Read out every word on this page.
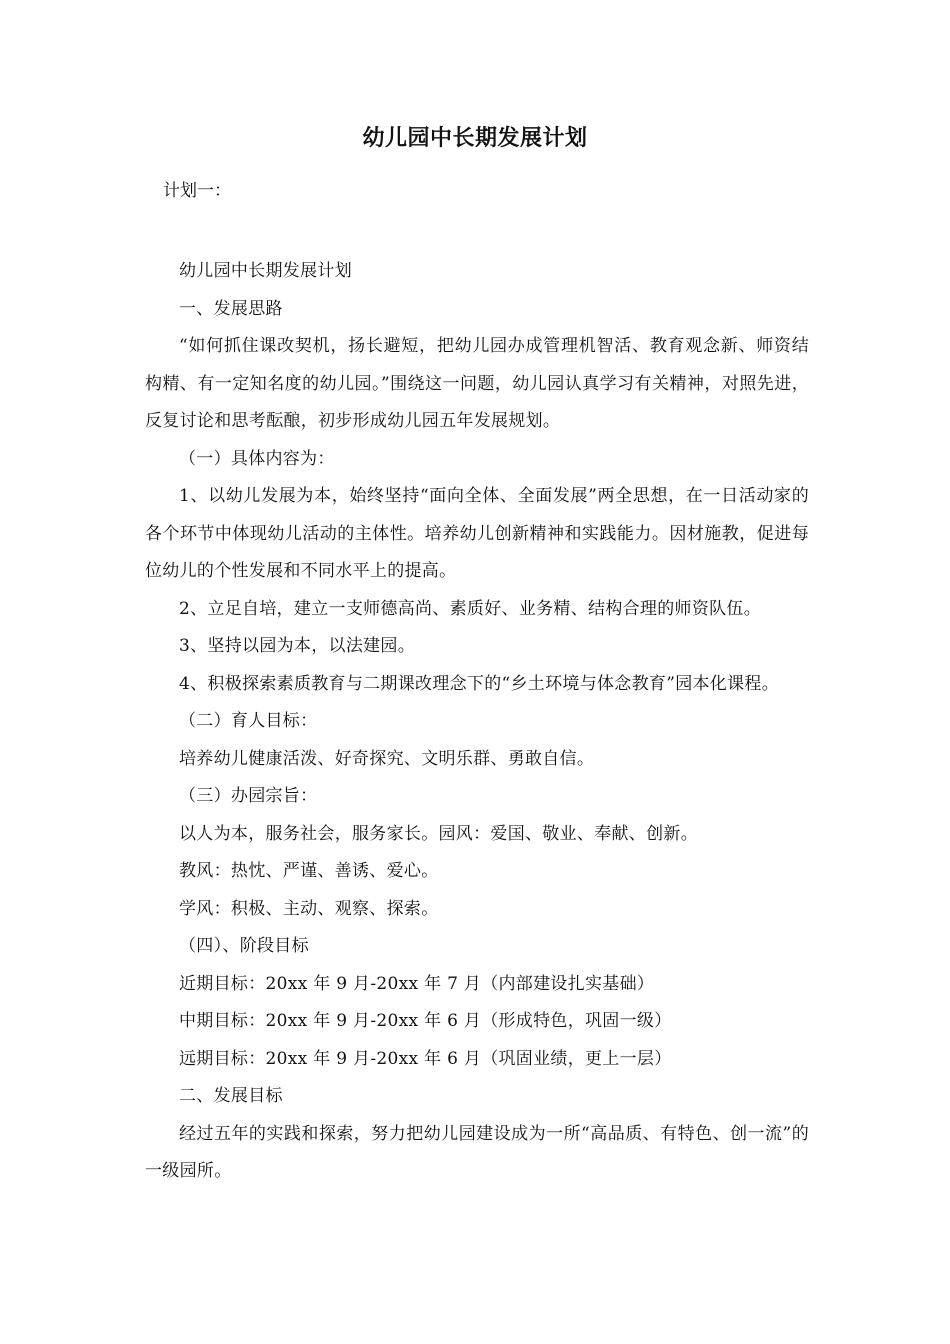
幼儿园中长期发展计划
计划一：

幼儿园中长期发展计划

一、发展思路

“如何抓住课改契机，扬长避短，把幼儿园办成管理机智活、教育观念新、师资结构精、有一定知名度的幼儿园。”围绕这一问题，幼儿园认真学习有关精神，对照先进，反复讨论和思考酝酿，初步形成幼儿园五年发展规划。

（一）具体内容为：

1、以幼儿发展为本，始终坚持“面向全体、全面发展”两全思想，在一日活动家的各个环节中体现幼儿活动的主体性。培养幼儿创新精神和实践能力。因材施教，促进每位幼儿的个性发展和不同水平上的提高。

2、立足自培，建立一支师德高尚、素质好、业务精、结构合理的师资队伍。

3、坚持以园为本，以法建园。

4、积极探索素质教育与二期课改理念下的“乡土环境与体念教育”园本化课程。

（二）育人目标：

培养幼儿健康活泼、好奇探究、文明乐群、勇敢自信。

（三）办园宗旨：

以人为本，服务社会，服务家长。园风：爱国、敬业、奉献、创新。

教风：热忱、严谨、善诱、爱心。

学风：积极、主动、观察、探索。

（四）、阶段目标

近期目标：20xx 年 9 月-20xx 年 7 月（内部建设扎实基础）

中期目标：20xx 年 9 月-20xx 年 6 月（形成特色，巩固一级）

远期目标：20xx 年 9 月-20xx 年 6 月（巩固业绩，更上一层）

二、发展目标

经过五年的实践和探索，努力把幼儿园建设成为一所“高品质、有特色、创一流”的一级园所。
